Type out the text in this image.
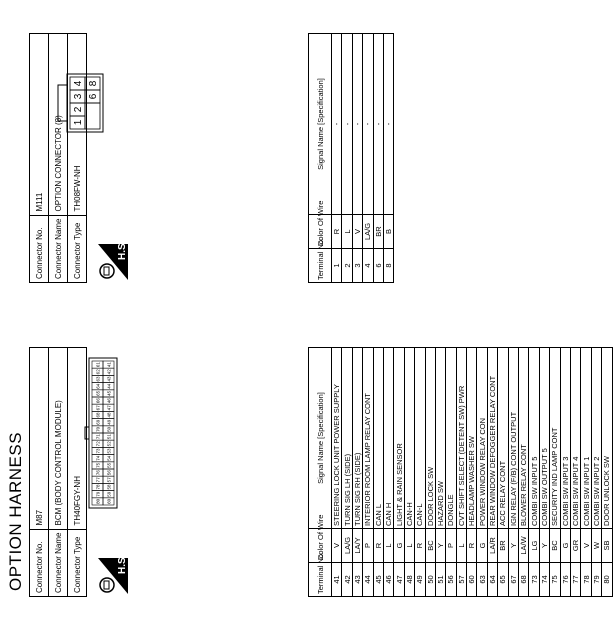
OPTION HARNESS Connector No.	M87
Connector Name	BCM (BODY CONTROL MODULE)
Connector Type	TH40FGY-NH
H.S.
80
79
78
77
76
75
74
73
72
71
70
69
68
67
66
65
64
63
62
61
60
59
58
57
56
55
54
53
52
51
50
49
48
47
46
45
44
43
42
41
Terminal No.	Color Of Wire	Signal Name [Specification]
41	V	STEERING LOCK UNIT POWER SUPPLY
42	LA/G	TURN SIG LH (SIDE)
43	LA/Y	TURN SIG RH (SIDE)
44	P	INTERIOR ROOM LAMP RELAY CONT
45	R	CAN L
46	L	CAN H
47	G	LIGHT & RAIN SENSOR
48	L	CAN-H
49	R	CAN-L
50	BC	DOOR LOCK SW
51	Y	HAZARD SW
56	P	DONGLE
57	L	CVT SHIFT SELECT (DETENT SW) PWR
60	R	HEADLAMP WASHER SW
63	G	POWER WINDOW RELAY CON
64	LA/R	REAR WINDOW DEFOGGER RELAY CONT
65	BR	ACC RELAY CONT
67	Y	IGN RELAY (F/B) CONT OUTPUT
68	LA/W	BLOWER RELAY CONT
73	LG	COMBI SW INPUT 5
74	Y	COMBI SW OUTPUT 5
75	BC	SECURITY IND LAMP CONT
76	G	COMBI SW INPUT 3
77	GR	COMBI SW INPUT 4
78	V	COMBI SW INPUT 1
79	W	COMBI SW INPUT 2
80	SB	DOOR UNLOCK SW
Connector No.	M111
Connector Name	OPTION CONNECTOR (8)
Connector Type	TH08FW-NH
H.S.
1
2
3
4
6
8
Terminal No.	Color Of Wire	Signal Name [Specification]
1	R	-
2	L	-
3	V	-
4	LA/G	-
6	BR	-
8	B	-
